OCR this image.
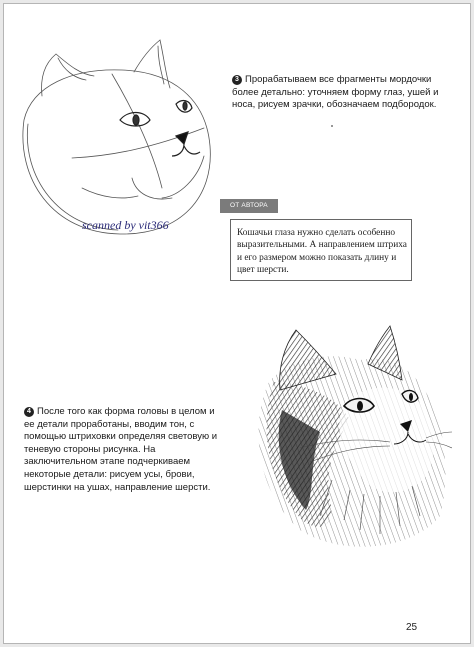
scanned by vit366
3 Прорабатываем все фрагменты мордочки более детально: уточняем форму глаз, ушей и носа, рисуем зрачки, обозначаем подбородок.
ОТ АВТОРА
Кошачьи глаза нужно сделать особенно выразительными. А направлением штриха и его размером можно показать длину и цвет шерсти.
4 После того как форма головы в целом и ее детали проработаны, вводим тон, с помощью штриховки определяя световую и теневую стороны рисунка. На заключительном этапе подчеркиваем некоторые детали: рисуем усы, брови, шерстинки на ушах, направление шерсти.
25
